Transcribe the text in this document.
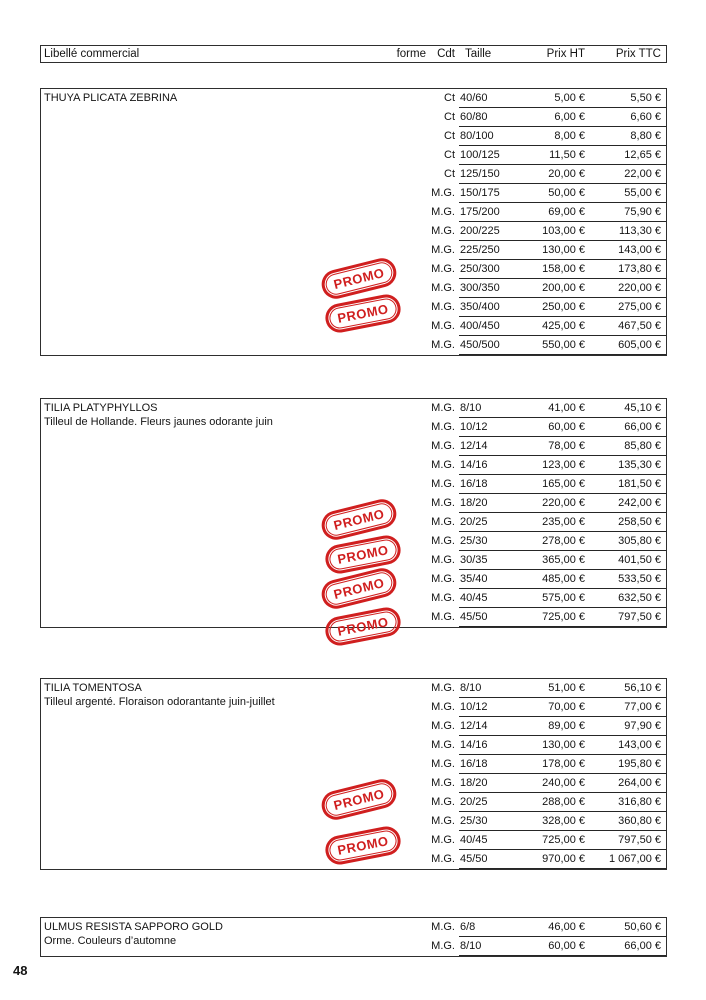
Libellé commercial	forme Cdt Taille	Prix HT	Prix TTC
THUYA PLICATA ZEBRINA	Ct 40/60	5,00 €	5,50 €
Ct 60/80	6,00 €	6,60 €
Ct 80/100	8,00 €	8,80 €
Ct 100/125	11,50 €	12,65 €
Ct 125/150	20,00 €	22,00 €
M.G. 150/175	50,00 €	55,00 €
M.G. 175/200	69,00 €	75,90 €
M.G. 200/225	103,00 €	113,30 €
M.G. 225/250	130,00 €	143,00 €
M.G. 250/300	158,00 €	173,80 €
M.G. 300/350	200,00 €	220,00 €
M.G. 350/400	250,00 €	275,00 €
M.G. 400/450	425,00 €	467,50 €
M.G. 450/500	550,00 €	605,00 €
PROMO
PROMO
TILIA PLATYPHYLLOS
Tilleul de Hollande. Fleurs jaunes odorante juin
M.G. 8/10	41,00 €	45,10 €
M.G. 10/12	60,00 €	66,00 €
M.G. 12/14	78,00 €	85,80 €
M.G. 14/16	123,00 €	135,30 €
M.G. 16/18	165,00 €	181,50 €
M.G. 18/20	220,00 €	242,00 €
M.G. 20/25	235,00 €	258,50 €
M.G. 25/30	278,00 €	305,80 €
M.G. 30/35	365,00 €	401,50 €
M.G. 35/40	485,00 €	533,50 €
M.G. 40/45	575,00 €	632,50 €
M.G. 45/50	725,00 €	797,50 €
PROMO
PROMO
PROMO
PROMO
TILIA TOMENTOSA
Tilleul argenté. Floraison odorantante juin-juillet
M.G. 8/10	51,00 €	56,10 €
M.G. 10/12	70,00 €	77,00 €
M.G. 12/14	89,00 €	97,90 €
M.G. 14/16	130,00 €	143,00 €
M.G. 16/18	178,00 €	195,80 €
M.G. 18/20	240,00 €	264,00 €
M.G. 20/25	288,00 €	316,80 €
M.G. 25/30	328,00 €	360,80 €
M.G. 40/45	725,00 €	797,50 €
M.G. 45/50	970,00 € 1 067,00 €
PROMO
PROMO
ULMUS RESISTA SAPPORO GOLD
Orme. Couleurs d’automne
M.G. 6/8	46,00 €	50,60 €
M.G. 8/10	60,00 €	66,00 €
48
